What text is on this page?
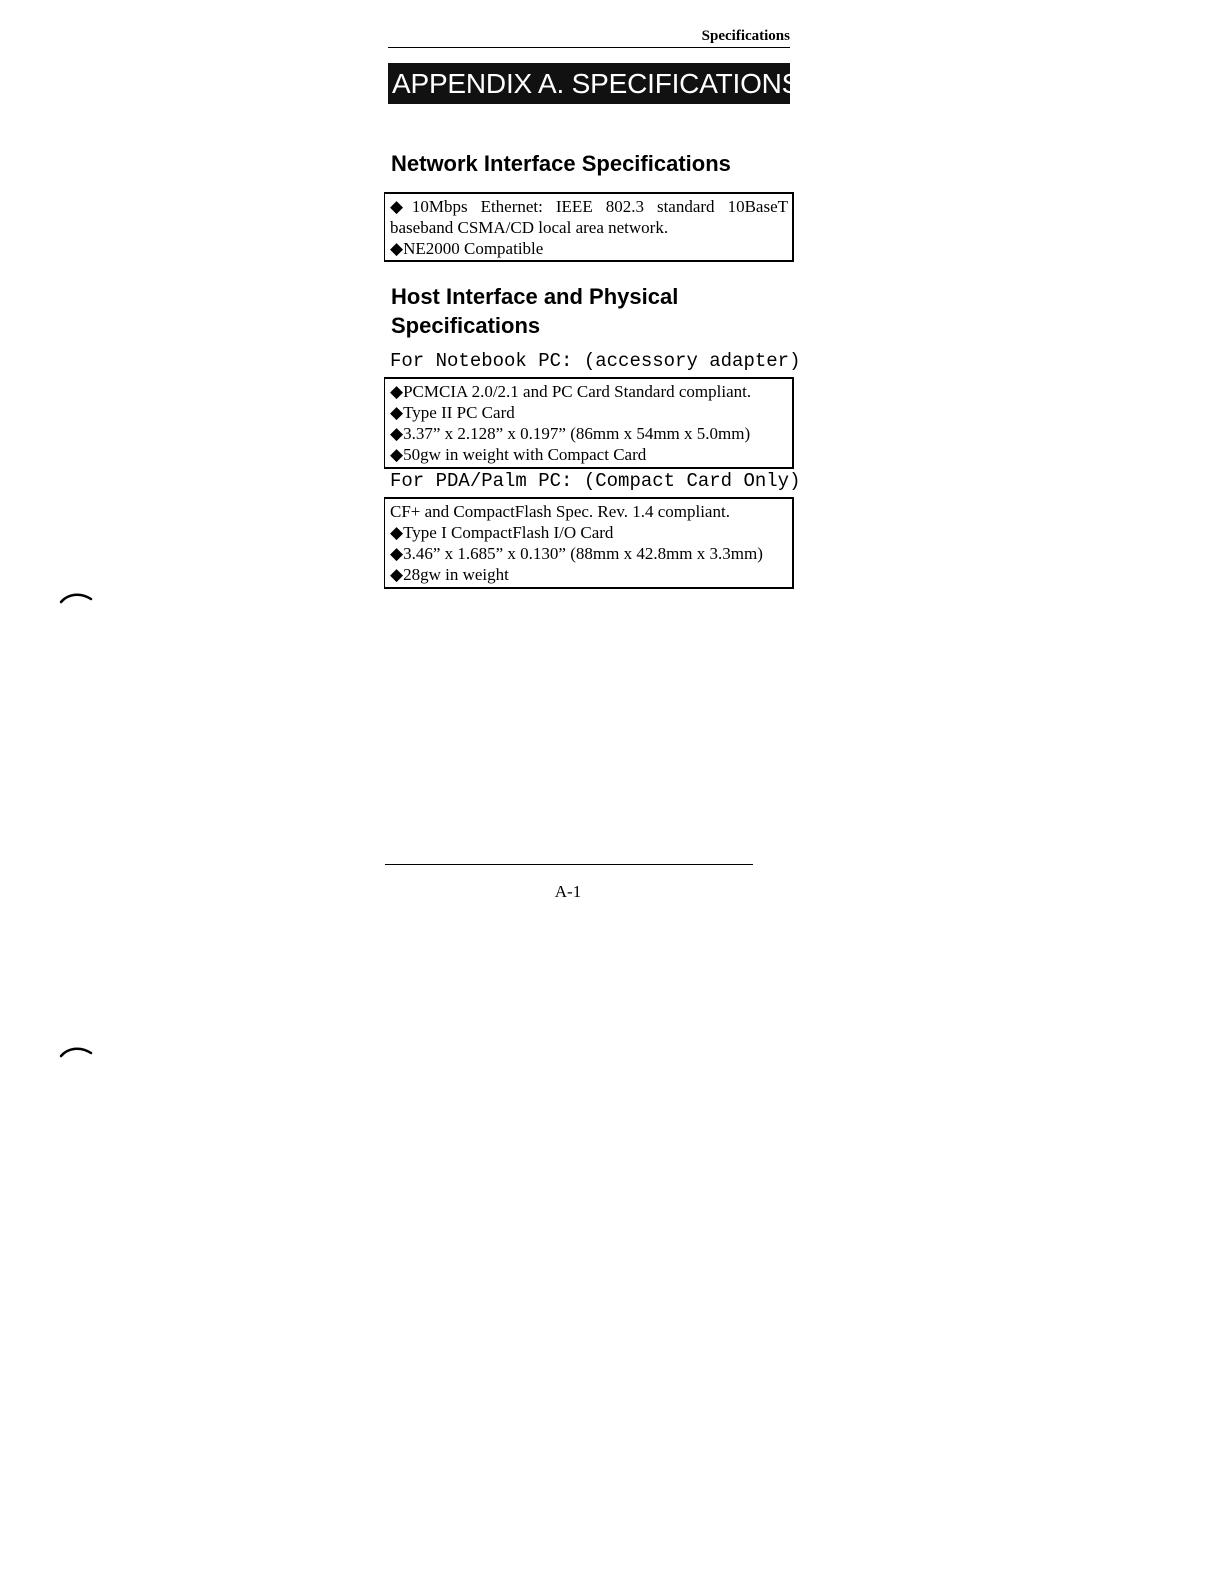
Specifications
APPENDIX A. SPECIFICATIONS
Network Interface Specifications
◆10Mbps Ethernet: IEEE 802.3 standard 10BaseT
baseband CSMA/CD local area network.
◆NE2000 Compatible
Host Interface and Physical
Specifications
For Notebook PC: (accessory adapter)
◆PCMCIA 2.0/2.1 and PC Card Standard compliant.
◆Type II PC Card
◆3.37” x 2.128” x 0.197” (86mm x 54mm x 5.0mm)
◆50gw in weight with Compact Card
For PDA/Palm PC: (Compact Card Only)
CF+ and CompactFlash Spec. Rev. 1.4 compliant.
◆Type I CompactFlash I/O Card
◆3.46” x 1.685” x 0.130” (88mm x 42.8mm x 3.3mm)
◆28gw in weight
A-1
